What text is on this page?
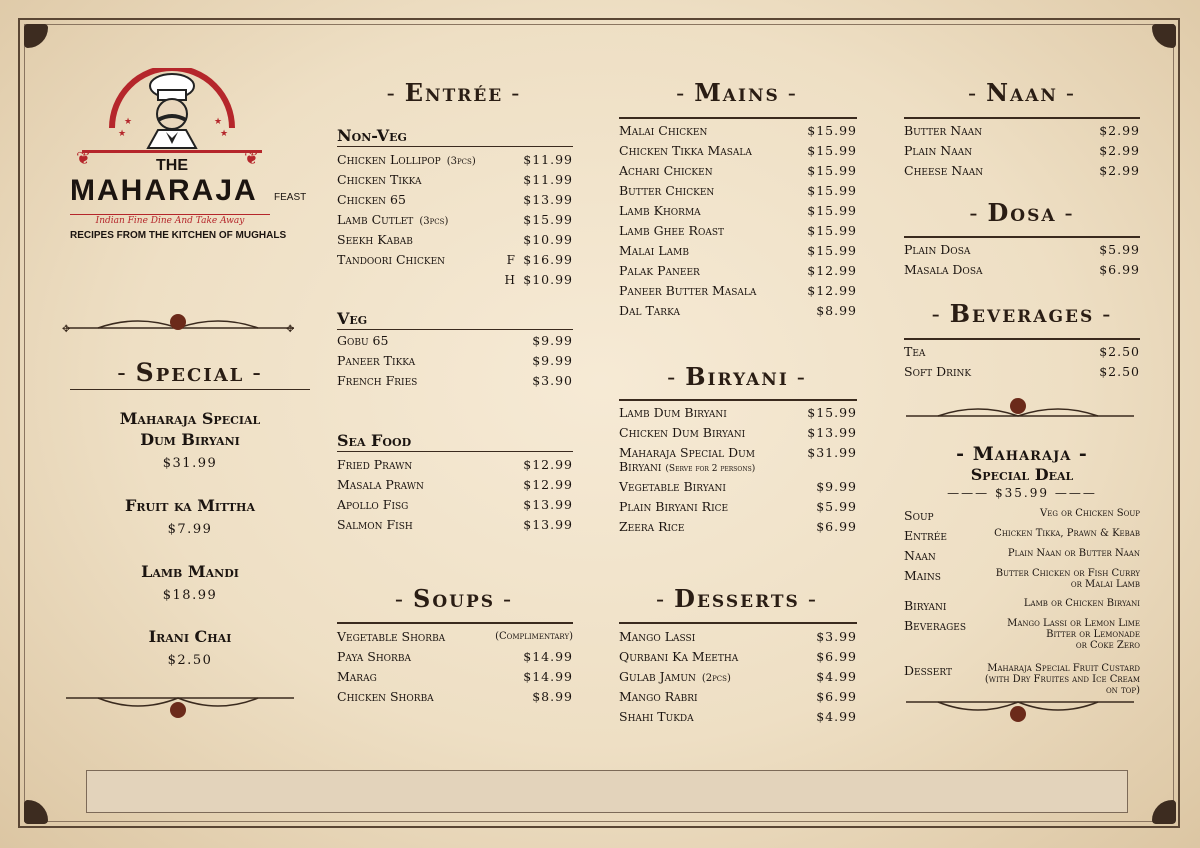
★	★
★	★
❦	❦
THE
MAHARAJA FEAST
Indian Fine Dine And Take Away
RECIPES FROM THE KITCHEN OF MUGHALS
✥	✥
- Special -
Maharaja Special
Dum Biryani
$31.99
Fruit ka Mittha
$7.99
Lamb Mandi
$18.99
Irani Chai
$2.50
- Entrée -
Non-Veg
Chicken Lollipop (3pcs)	$11.99
Chicken Tikka	$11.99
Chicken 65	$13.99
Lamb Cutlet (3pcs)	$15.99
Seekh Kabab	$10.99
Tandoori Chicken	F $16.99
H $10.99
Veg
Gobu 65	$9.99
Paneer Tikka	$9.99
French Fries	$3.90
Sea Food
Fried Prawn	$12.99
Masala Prawn	$12.99
Apollo Fisg	$13.99
Salmon Fish	$13.99
- Soups -
Vegetable Shorba	(Complimentary)
Paya Shorba	$14.99
Marag	$14.99
Chicken Shorba	$8.99
- Mains -
Malai Chicken	$15.99
Chicken Tikka Masala	$15.99
Achari Chicken	$15.99
Butter Chicken	$15.99
Lamb Khorma	$15.99
Lamb Ghee Roast	$15.99
Malai Lamb	$15.99
Palak Paneer	$12.99
Paneer Butter Masala	$12.99
Dal Tarka	$8.99
- Biryani -
Lamb Dum Biryani	$15.99
Chicken Dum Biryani	$13.99
Maharaja Special Dum
Biryani (Serve for 2 persons)
$31.99
Vegetable Biryani	$9.99
Plain Biryani Rice	$5.99
Zeera Rice	$6.99
- Desserts -
Mango Lassi	$3.99
Qurbani Ka Meetha	$6.99
Gulab Jamun (2pcs)	$4.99
Mango Rabri	$6.99
Shahi Tukda	$4.99
- Naan -
Butter Naan	$2.99
Plain Naan	$2.99
Cheese Naan	$2.99
- Dosa -
Plain Dosa	$5.99
Masala Dosa	$6.99
- Beverages -
Tea	$2.50
Soft Drink	$2.50
- Maharaja -
Special Deal
——— $35.99 ———
Soup	Veg or Chicken Soup
Entrée	Chicken Tikka, Prawn & Kebab
Naan	Plain Naan or Butter Naan
Mains	Butter Chicken or Fish Curry
or Malai Lamb
Biryani	Lamb or Chicken Biryani
Beverages	Mango Lassi or Lemon Lime
Bitter or Lemonade
or Coke Zero
Dessert	Maharaja Special Fruit Custard
(with Dry Fruites and Ice Cream
on top)
